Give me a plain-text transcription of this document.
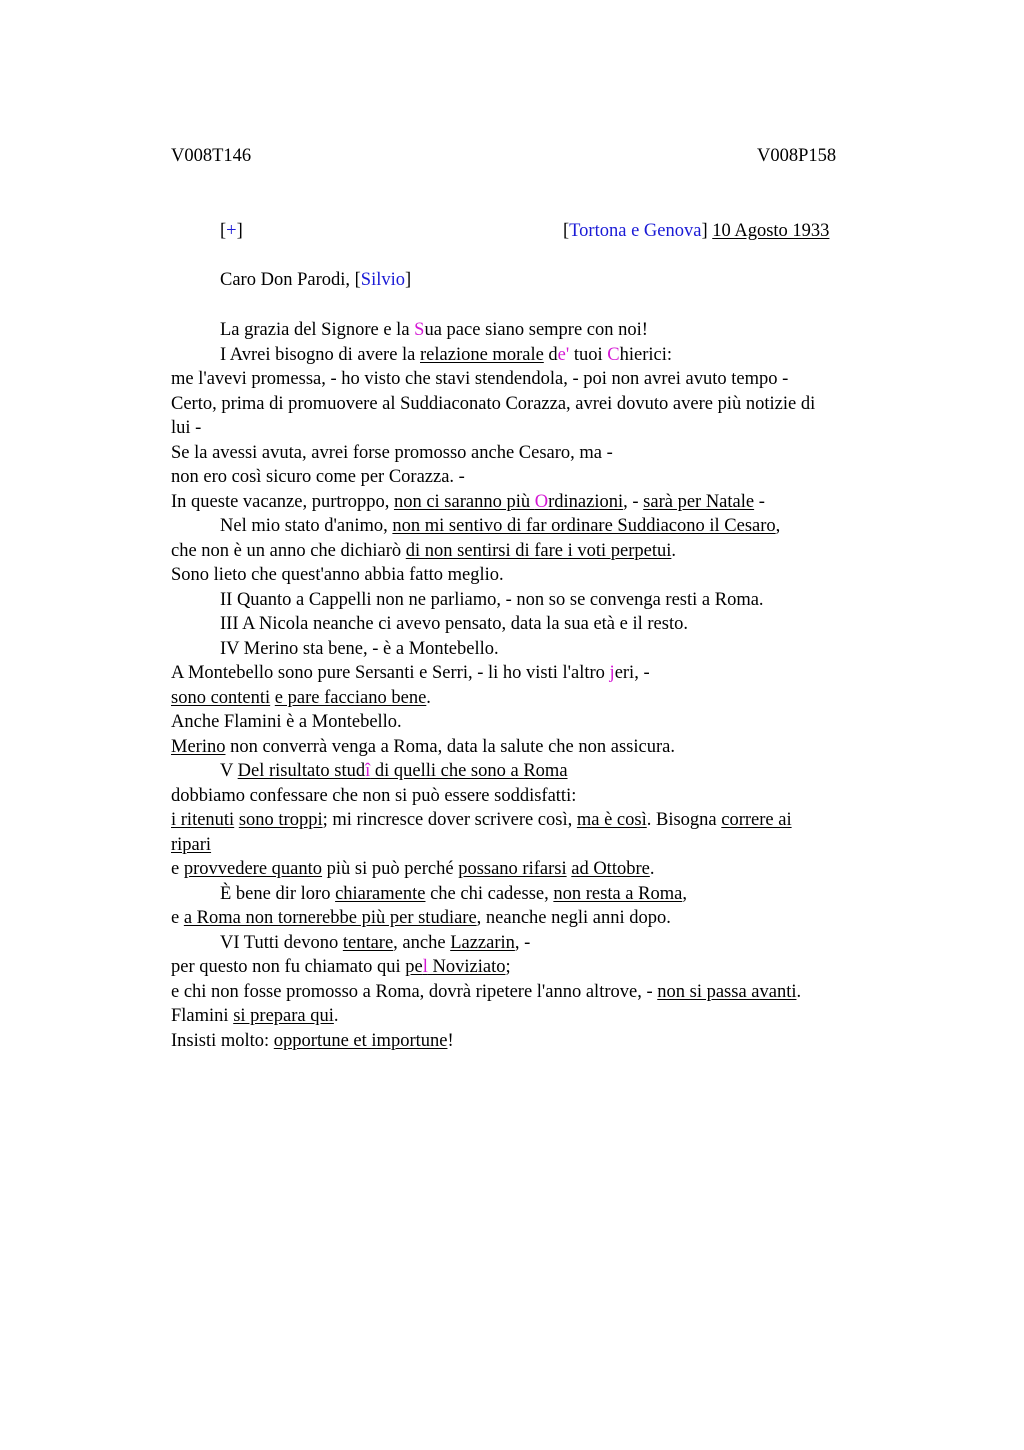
V008T146	V008P158
[+]	[Tortona e Genova] 10 Agosto 1933
Caro Don Parodi, [Silvio]
La grazia del Signore e la Sua pace siano sempre con noi!
I Avrei bisogno di avere la relazione morale de' tuoi Chierici:
me l'avevi promessa, - ho visto che stavi stendendola, - poi non avrei avuto tempo -
Certo, prima di promuovere al Suddiaconato Corazza, avrei dovuto avere più notizie di
lui -
Se la avessi avuta, avrei forse promosso anche Cesaro, ma -
non ero così sicuro come per Corazza. -
In queste vacanze, purtroppo, non ci saranno più Ordinazioni, - sarà per Natale -
Nel mio stato d'animo, non mi sentivo di far ordinare Suddiacono il Cesaro,
che non è un anno che dichiarò di non sentirsi di fare i voti perpetui.
Sono lieto che quest'anno abbia fatto meglio.
II Quanto a Cappelli non ne parliamo, - non so se convenga resti a Roma.
III A Nicola neanche ci avevo pensato, data la sua età e il resto.
IV Merino sta bene, - è a Montebello.
A Montebello sono pure Sersanti e Serri, - li ho visti l'altro jeri, -
sono contenti e pare facciano bene.
Anche Flamini è a Montebello.
Merino non converrà venga a Roma, data la salute che non assicura.
V Del risultato studî di quelli che sono a Roma
dobbiamo confessare che non si può essere soddisfatti:
i ritenuti sono troppi; mi rincresce dover scrivere così, ma è così. Bisogna correre ai
ripari
e provvedere quanto più si può perché possano rifarsi ad Ottobre.
È bene dir loro chiaramente che chi cadesse, non resta a Roma,
e a Roma non tornerebbe più per studiare, neanche negli anni dopo.
VI Tutti devono tentare, anche Lazzarin, -
per questo non fu chiamato qui pel Noviziato;
e chi non fosse promosso a Roma, dovrà ripetere l'anno altrove, - non si passa avanti.
Flamini si prepara qui.
Insisti molto: opportune et importune!
